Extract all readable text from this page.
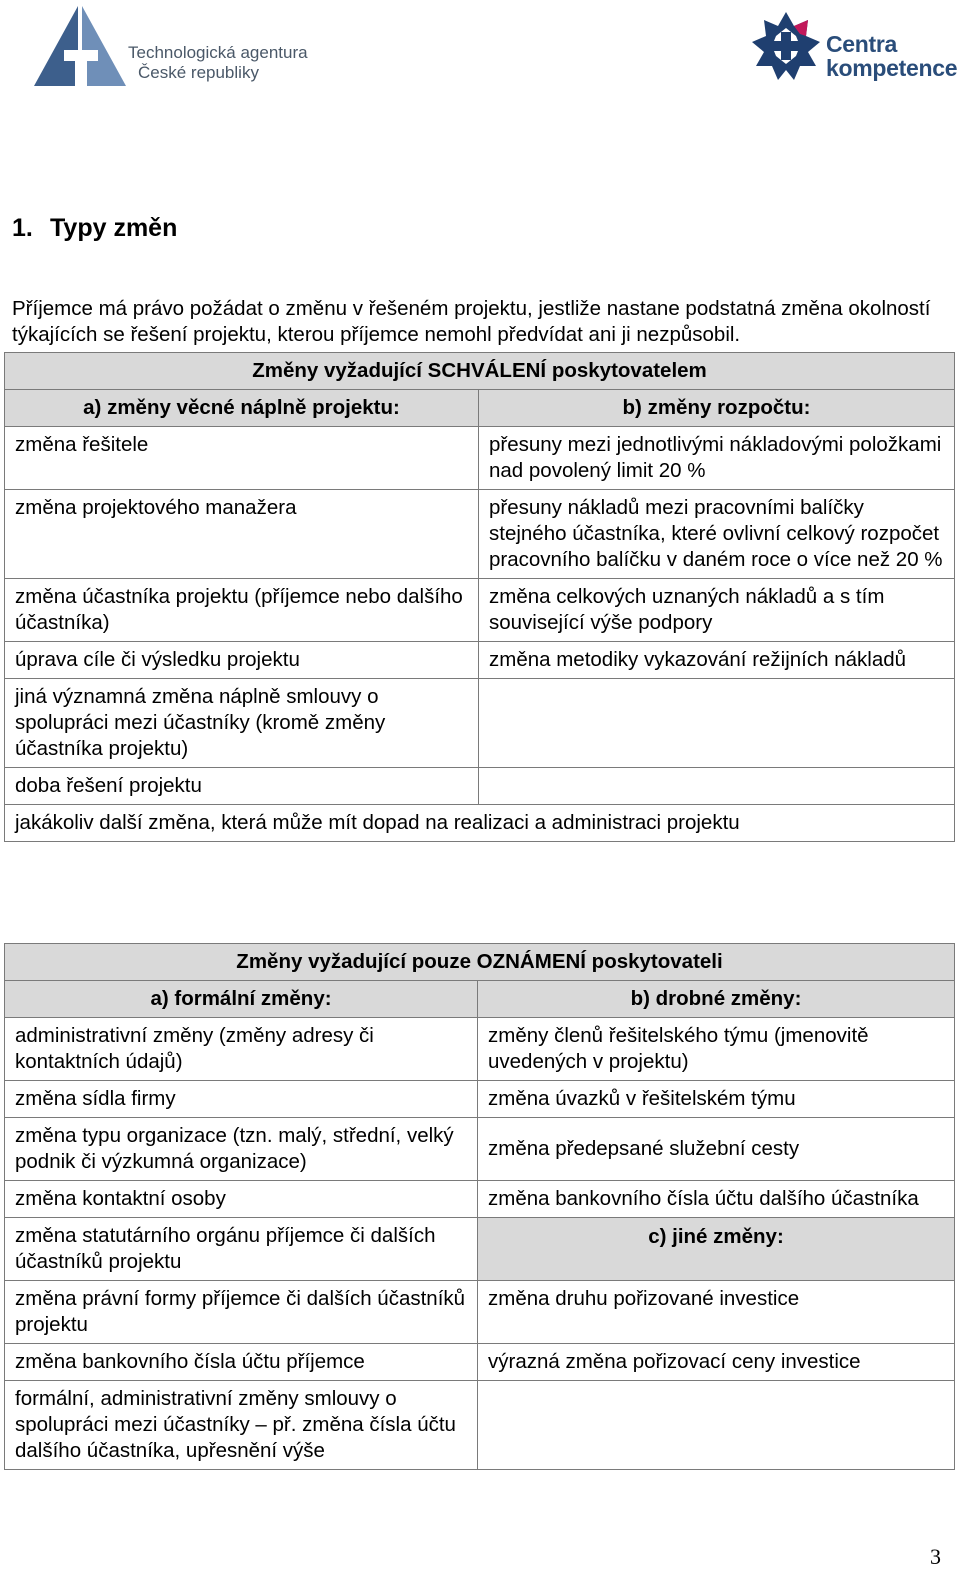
Technologická agentura
České republiky
Centra
kompetence
1. Typy změn

Příjemce má právo požádat o změnu v řešeném projektu, jestliže nastane podstatná změna okolností týkajících se řešení projektu, kterou příjemce nemohl předvídat ani ji nezpůsobil.

Změny vyžadující SCHVÁLENÍ poskytovatelem	
a) změny věcné náplně projektu:	b) změny rozpočtu:
změna řešitele	přesuny mezi jednotlivými nákladovými položkami nad povolený limit 20 %
změna projektového manažera	přesuny nákladů mezi pracovními balíčky stejného účastníka, které ovlivní celkový rozpočet pracovního balíčku v daném roce o více než 20 %
změna účastníka projektu (příjemce nebo dalšího účastníka)	změna celkových uznaných nákladů a s tím související výše podpory
úprava cíle či výsledku projektu	změna metodiky vykazování režijních nákladů
jiná významná změna náplně smlouvy o spolupráci mezi účastníky (kromě změny účastníka projektu)	
doba řešení projektu	
jakákoliv další změna, která může mít dopad na realizaci a administraci projektu	
Změny vyžadující pouze OZNÁMENÍ poskytovateli	
a) formální změny:	b) drobné změny:
administrativní změny (změny adresy či kontaktních údajů)	změny členů řešitelského týmu (jmenovitě uvedených v projektu)
změna sídla firmy	změna úvazků v řešitelském týmu
změna typu organizace (tzn. malý, střední, velký podnik či výzkumná organizace)	změna předepsané služební cesty
změna kontaktní osoby	změna bankovního čísla účtu dalšího účastníka
změna statutárního orgánu příjemce či dalších účastníků projektu	c) jiné změny:
změna právní formy příjemce či dalších účastníků projektu	změna druhu pořizované investice
změna bankovního čísla účtu příjemce	výrazná změna pořizovací ceny investice
formální, administrativní změny smlouvy o spolupráci mezi účastníky – př. změna čísla účtu dalšího účastníka, upřesnění výše	
3
